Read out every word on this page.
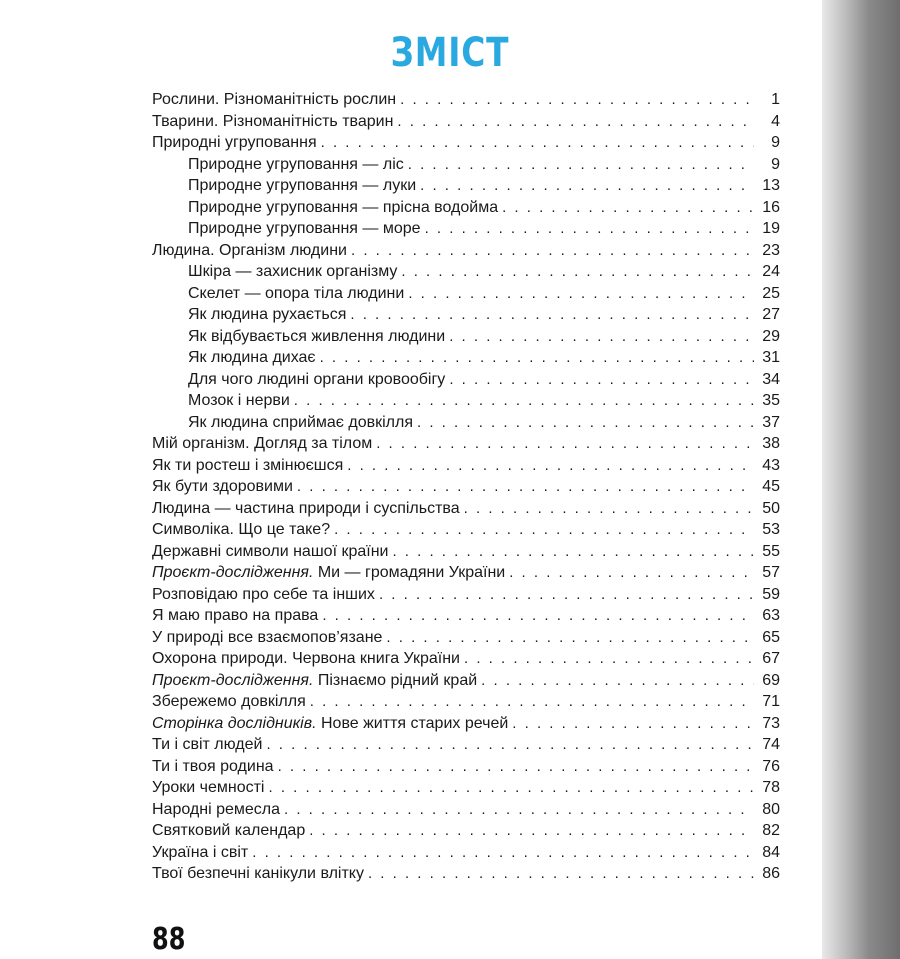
ЗМІСТ
Рослини. Різноманітність рослин . . .	1
Тварини. Різноманітність тварин . . .	4
Природні угруповання . . .	9
Природне угруповання — ліс . . .	9
Природне угруповання — луки . . .	13
Природне угруповання — прісна водойма . . .	16
Природне угруповання — море . . .	19
Людина. Організм людини . . .	23
Шкіра — захисник організму . . .	24
Скелет — опора тіла людини . . .	25
Як людина рухається . . .	27
Як відбувається живлення людини . . .	29
Як людина дихає . . .	31
Для чого людині органи кровообігу . . .	34
Мозок і нерви . . .	35
Як людина сприймає довкілля . . .	37
Мій організм. Догляд за тілом . . .	38
Як ти ростеш і змінюєшся . . .	43
Як бути здоровими . . .	45
Людина — частина природи і суспільства . . .	50
Символіка. Що це таке? . . .	53
Державні символи нашої країни . . .	55
Проєкт-дослідження. Ми — громадяни України . . .	57
Розповідаю про себе та інших . . .	59
Я маю право на права . . .	63
У природі все взаємопов’язане . . .	65
Охорона природи. Червона книга України . . .	67
Проєкт-дослідження. Пізнаємо рідний край . . .	69
Збережемо довкілля . . .	71
Сторінка дослідників. Нове життя старих речей . . .	73
Ти і світ людей . . .	74
Ти і твоя родина . . .	76
Уроки чемності . . .	78
Народні ремесла . . .	80
Святковий календар . . .	82
Україна і світ . . .	84
Твої безпечні канікули влітку . . .	86
88
